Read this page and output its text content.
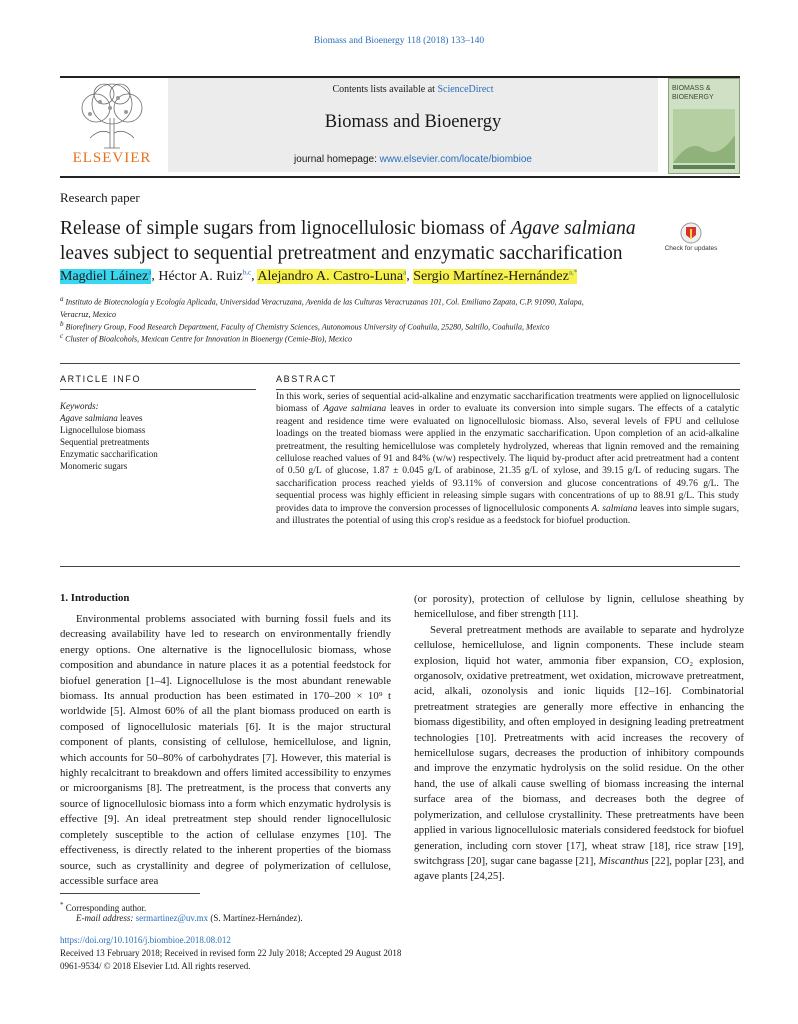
Biomass and Bioenergy 118 (2018) 133–140
ELSEVIER
Contents lists available at ScienceDirect
Biomass and Bioenergy
journal homepage: www.elsevier.com/locate/biombioe
BIOMASS & BIOENERGY
Research paper
Release of simple sugars from lignocellulosic biomass of Agave salmiana
leaves subject to sequential pretreatment and enzymatic saccharification	Check for updates
Magdiel Láinez$^a$, Héctor A. Ruiz$^{b,c}$, Alejandro A. Castro-Luna$^a$, Sergio Martínez-Hernández$^{a,*}$
$^a$ Instituto de Biotecnología y Ecología Aplicada, Universidad Veracruzana, Avenida de las Culturas Veracruzanas 101, Col. Emiliano Zapata, C.P. 91090, Xalapa,
Veracruz, Mexico
$^b$ Biorefinery Group, Food Research Department, Faculty of Chemistry Sciences, Autonomous University of Coahuila, 25280, Saltillo, Coahuila, Mexico
$^c$ Cluster of Bioalcohols, Mexican Centre for Innovation in Bioenergy (Cemie-Bio), Mexico
ARTICLE INFO	ABSTRACT
Keywords:
Agave salmiana leaves
Lignocellulose biomass
Sequential pretreatments
Enzymatic saccharification
Monomeric sugars
In this work, series of sequential acid-alkaline and enzymatic saccharification treatments were applied on lignocellulosic biomass of Agave salmiana leaves in order to evaluate its conversion into simple sugars. The effects of a catalytic reagent and residence time were evaluated on lignocellulosic biomass. Also, several levels of FPU and cellulose loadings on the treated biomass were applied in the enzymatic saccharification. Upon completion of an acid-alkaline pretreatment, the resulting hemicellulose was completely hydrolyzed, whereas that lignin removed and the remaining cellulose reached values of 91 and 84% (w/w) respectively. The liquid by-product after acid pretreatment had a content of 0.50 g/L of glucose, 1.87 ± 0.045 g/L of arabinose, 21.35 g/L of xylose, and 39.15 g/L of reducing sugars. The saccharification process reached yields of 93.11% of conversion and glucose concentrations of 49.76 g/L. The sequential process was highly efficient in releasing simple sugars with concentrations of up to 88.91 g/L. This study provides data to improve the conversion processes of lignocellulosic components A. salmiana leaves into simple sugars, and illustrates the potential of using this crop's residue as a feedstock for biofuel production.
1. Introduction

Environmental problems associated with burning fossil fuels and its decreasing availability have led to research on environmentally friendly energy options. One alternative is the lignocellulosic biomass, whose composition and abundance in nature places it as a potential feedstock for biofuel generation [1–4]. Lignocellulose is the most abundant renewable biomass. Its annual production has been estimated in 170–200 × 10⁹ t worldwide [5]. Almost 60% of all the plant biomass produced on earth is composed of lignocellulosic materials [6]. It is the major structural component of plants, consisting of cellulose, hemicellulose, and lignin, which accounts for 50–80% of carbohydrates [7]. However, this material is highly recalcitrant to breakdown and offers limited accessibility to enzymes or microorganisms [8]. The pretreatment, is the process that converts any source of lignocellulosic biomass into a form which enzymatic hydrolysis is effective [9]. An ideal pretreatment step should render lignocellulosic completely susceptible to the action of cellulase enzymes [10]. The effectiveness, is directly related to the inherent properties of the biomass source, such as crystallinity and degree of polymerization of cellulose, accessible surface area

(or porosity), protection of cellulose by lignin, cellulose sheathing by hemicellulose, and fiber strength [11].

Several pretreatment methods are available to separate and hydrolyze cellulose, hemicellulose, and lignin components. These include steam explosion, liquid hot water, ammonia fiber expansion, CO₂ explosion, organosolv, oxidative pretreatment, wet oxidation, microwave pretreatment, acid, alkali, ozonolysis and ionic liquids [12–16]. Combinatorial pretreatment strategies are generally more effective in enhancing the biomass digestibility, and often employed in designing leading pretreatment technologies [10]. Pretreatments with acid increases the recovery of hemicellulose sugars, decreases the production of inhibitory compounds and improve the enzymatic hydrolysis on the solid residue. On the other hand, the use of alkali cause swelling of biomass increasing the internal surface area of the biomass, and decreases both the degree of polymerization, and cellulose crystallinity. These pretreatments have been applied in various lignocellulosic materials considered feedstock for biofuel generation, including corn stover [17], wheat straw [18], rice straw [19], switchgrass [20], sugar cane bagasse [21], Miscanthus [22], poplar [23], and agave plants [24,25].

* Corresponding author.
E-mail address: sermartinez@uv.mx (S. Martínez-Hernández).
https://doi.org/10.1016/j.biombioe.2018.08.012
Received 13 February 2018; Received in revised form 22 July 2018; Accepted 29 August 2018
0961-9534/ © 2018 Elsevier Ltd. All rights reserved.
